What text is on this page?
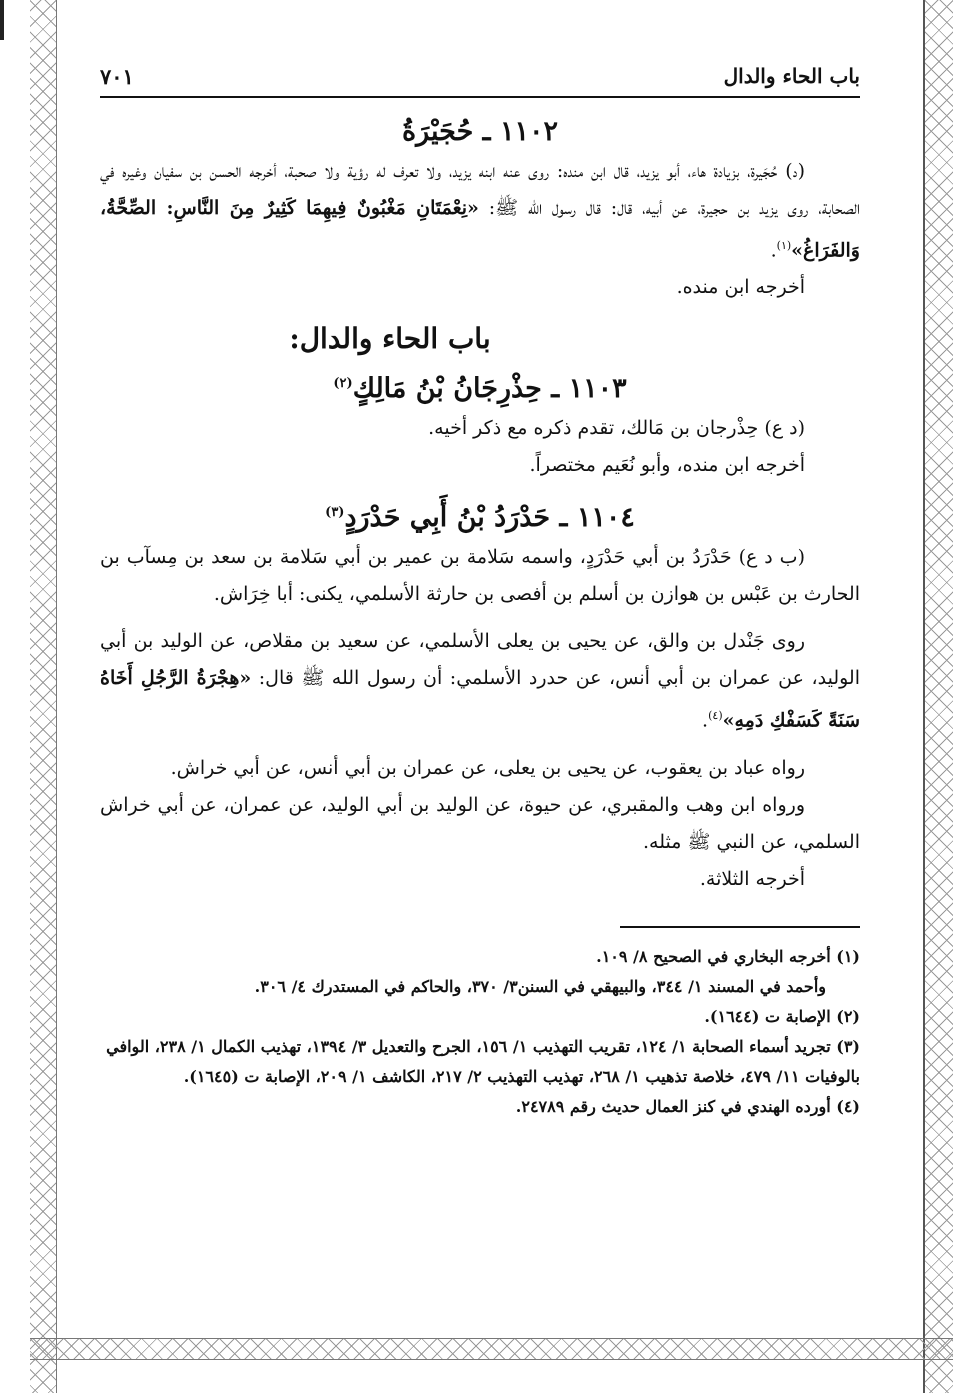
باب الحاء والدال
٧٠١
١١٠٢ ـ حُجَيْرَةُ

(د) حُجَيرة، بزيادة هاء، أبو يزيد، قال ابن منده: روى عنه ابنه يزيد، ولا تعرف له رؤية ولا صحبة، أخرجه الحسن بن سفيان وغيره في الصحابة، روى يزيد بن حجيرة، عن أبيه، قال: قال رسول الله ﷺ: «نِعْمَتَانِ مَغْبُونٌ فِيهِمَا كَثِيرٌ مِنَ النَّاسِ: الصِّحَّةُ، وَالفَرَاغُ»$^{(١)}$.

أخرجه ابن منده.

باب الحاء والدال:
١١٠٣ ـ حِذْرِجَانُ بْنُ مَالِكٍ$^{(٢)}$

(د ع) حِذْرجان بن مَالك، تقدم ذكره مع ذكر أخيه.

أخرجه ابن منده، وأبو نُعَيم مختصراً.

١١٠٤ ـ حَدْرَدُ بْنُ أَبِي حَدْرَدٍ$^{(٣)}$

(ب د ع) حَدْرَدُ بن أبي حَدْرَدٍ، واسمه سَلامة بن عمير بن أبي سَلامة بن سعد بن مِسآب بن الحارث بن عَبْس بن هوازن بن أسلم بن أفصى بن حارثة الأسلمي، يكنى: أبا خِرَاش.

روى جَنْدل بن والق، عن يحيى بن يعلى الأسلمي، عن سعيد بن مقلاص، عن الوليد بن أبي الوليد، عن عمران بن أبي أنس، عن حدرد الأسلمي: أن رسول الله ﷺ قال: «هِجْرَةُ الرَّجُلِ أَخَاهُ سَنَةً كَسَفْكِ دَمِهِ»$^{(٤)}$.

رواه عباد بن يعقوب، عن يحيى بن يعلى، عن عمران بن أبي أنس، عن أبي خراش.

ورواه ابن وهب والمقبري، عن حيوة، عن الوليد بن أبي الوليد، عن عمران، عن أبي خراش السلمي، عن النبي ﷺ مثله.

أخرجه الثلاثة.

(١) أخرجه البخاري في الصحيح ٨/ ١٠٩.

وأحمد في المسند ١/ ٣٤٤، والبيهقي في السنن٣/ ٣٧٠، والحاكم في المستدرك ٤/ ٣٠٦.

(٢) الإصابة ت (١٦٤٤).

(٣) تجريد أسماء الصحابة ١/ ١٢٤، تقريب التهذيب ١/ ١٥٦، الجرح والتعديل ٣/ ١٣٩٤، تهذيب الكمال ١/ ٢٣٨، الوافي بالوفيات ١١/ ٤٧٩، خلاصة تذهيب ١/ ٢٦٨، تهذيب التهذيب ٢/ ٢١٧، الكاشف ١/ ٢٠٩، الإصابة ت (١٦٤٥).

(٤) أورده الهندي في كنز العمال حديث رقم ٢٤٧٨٩.
